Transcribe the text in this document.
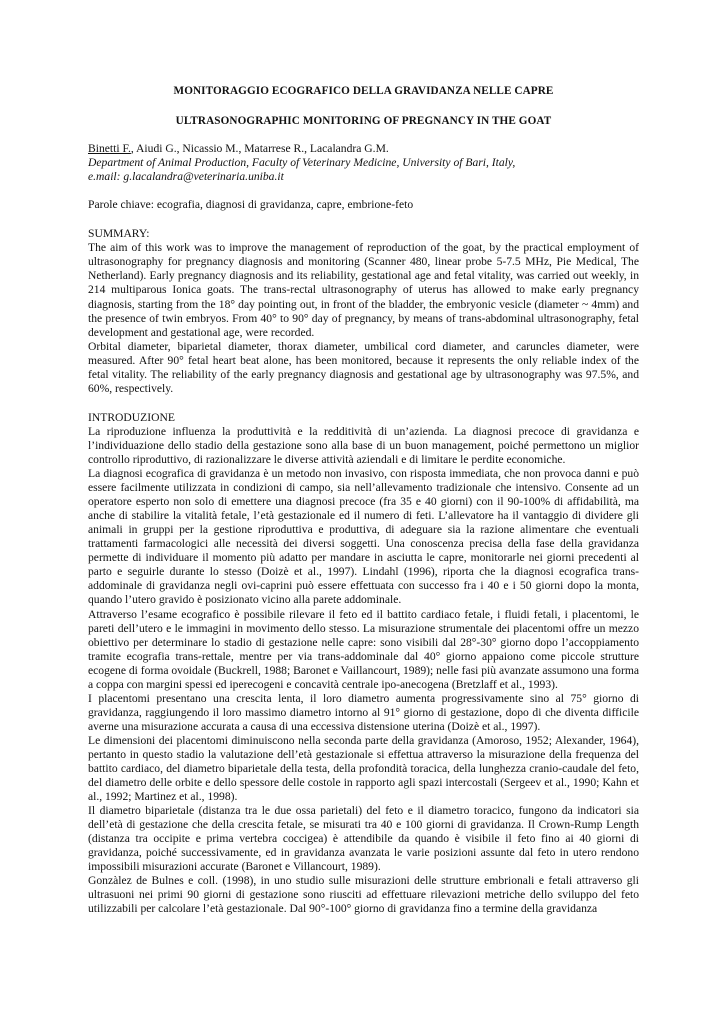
MONITORAGGIO ECOGRAFICO DELLA GRAVIDANZA NELLE CAPRE
ULTRASONOGRAPHIC MONITORING OF PREGNANCY IN THE GOAT
Binetti F., Aiudi G., Nicassio M., Matarrese R., Lacalandra G.M.
Department of Animal Production, Faculty of Veterinary Medicine, University of Bari, Italy,
e.mail: g.lacalandra@veterinaria.uniba.it
Parole chiave: ecografia, diagnosi di gravidanza, capre, embrione-feto
SUMMARY:

The aim of this work was to improve the management of reproduction of the goat, by the practical employment of ultrasonography for pregnancy diagnosis and monitoring (Scanner 480, linear probe 5-7.5 MHz, Pie Medical, The Netherland). Early pregnancy diagnosis and its reliability, gestational age and fetal vitality, was carried out weekly, in 214 multiparous Ionica goats. The trans-rectal ultrasonography of uterus has allowed to make early pregnancy diagnosis, starting from the 18° day pointing out, in front of the bladder, the embryonic vesicle (diameter ~ 4mm) and the presence of twin embryos. From 40° to 90° day of pregnancy, by means of trans-abdominal ultrasonography, fetal development and gestational age, were recorded.

Orbital diameter, biparietal diameter, thorax diameter, umbilical cord diameter, and caruncles diameter, were measured. After 90° fetal heart beat alone, has been monitored, because it represents the only reliable index of the fetal vitality. The reliability of the early pregnancy diagnosis and gestational age by ultrasonography was 97.5%, and 60%, respectively.

INTRODUZIONE

La riproduzione influenza la produttività e la redditività di un’azienda. La diagnosi precoce di gravidanza e l’individuazione dello stadio della gestazione sono alla base di un buon management, poiché permettono un miglior controllo riproduttivo, di razionalizzare le diverse attività aziendali e di limitare le perdite economiche.

La diagnosi ecografica di gravidanza è un metodo non invasivo, con risposta immediata, che non provoca danni e può essere facilmente utilizzata in condizioni di campo, sia nell’allevamento tradizionale che intensivo. Consente ad un operatore esperto non solo di emettere una diagnosi precoce (fra 35 e 40 giorni) con il 90-100% di affidabilità, ma anche di stabilire la vitalità fetale, l’età gestazionale ed il numero di feti. L’allevatore ha il vantaggio di dividere gli animali in gruppi per la gestione riproduttiva e produttiva, di adeguare sia la razione alimentare che eventuali trattamenti farmacologici alle necessità dei diversi soggetti. Una conoscenza precisa della fase della gravidanza permette di individuare il momento più adatto per mandare in asciutta le capre, monitorarle nei giorni precedenti al parto e seguirle durante lo stesso (Doizè et al., 1997). Lindahl (1996), riporta che la diagnosi ecografica trans-addominale di gravidanza negli ovi-caprini può essere effettuata con successo fra i 40 e i 50 giorni dopo la monta, quando l’utero gravido è posizionato vicino alla parete addominale.

Attraverso l’esame ecografico è possibile rilevare il feto ed il battito cardiaco fetale, i fluidi fetali, i placentomi, le pareti dell’utero e le immagini in movimento dello stesso. La misurazione strumentale dei placentomi offre un mezzo obiettivo per determinare lo stadio di gestazione nelle capre: sono visibili dal 28°-30° giorno dopo l’accoppiamento tramite ecografia trans-rettale, mentre per via trans-addominale dal 40° giorno appaiono come piccole strutture ecogene di forma ovoidale (Buckrell, 1988; Baronet e Vaillancourt, 1989); nelle fasi più avanzate assumono una forma a coppa con margini spessi ed iperecogeni e concavità centrale ipo-anecogena (Bretzlaff et al., 1993).

I placentomi presentano una crescita lenta, il loro diametro aumenta progressivamente sino al 75° giorno di gravidanza, raggiungendo il loro massimo diametro intorno al 91° giorno di gestazione, dopo di che diventa difficile averne una misurazione accurata a causa di una eccessiva distensione uterina (Doizè et al., 1997).

Le dimensioni dei placentomi diminuiscono nella seconda parte della gravidanza (Amoroso, 1952; Alexander, 1964), pertanto in questo stadio la valutazione dell’età gestazionale si effettua attraverso la misurazione della frequenza del battito cardiaco, del diametro biparietale della testa, della profondità toracica, della lunghezza cranio-caudale del feto, del diametro delle orbite e dello spessore delle costole in rapporto agli spazi intercostali (Sergeev et al., 1990; Kahn et al., 1992; Martinez et al., 1998).

Il diametro biparietale (distanza tra le due ossa parietali) del feto e il diametro toracico, fungono da indicatori sia dell’età di gestazione che della crescita fetale, se misurati tra 40 e 100 giorni di gravidanza. Il Crown-Rump Length (distanza tra occipite e prima vertebra coccigea) è attendibile da quando è visibile il feto fino ai 40 giorni di gravidanza, poiché successivamente, ed in gravidanza avanzata le varie posizioni assunte dal feto in utero rendono impossibili misurazioni accurate (Baronet e Villancourt, 1989).

Gonzàlez de Bulnes e coll. (1998), in uno studio sulle misurazioni delle strutture embrionali e fetali attraverso gli ultrasuoni nei primi 90 giorni di gestazione sono riusciti ad effettuare rilevazioni metriche dello sviluppo del feto utilizzabili per calcolare l’età gestazionale. Dal 90°-100° giorno di gravidanza fino a termine della gravidanza
